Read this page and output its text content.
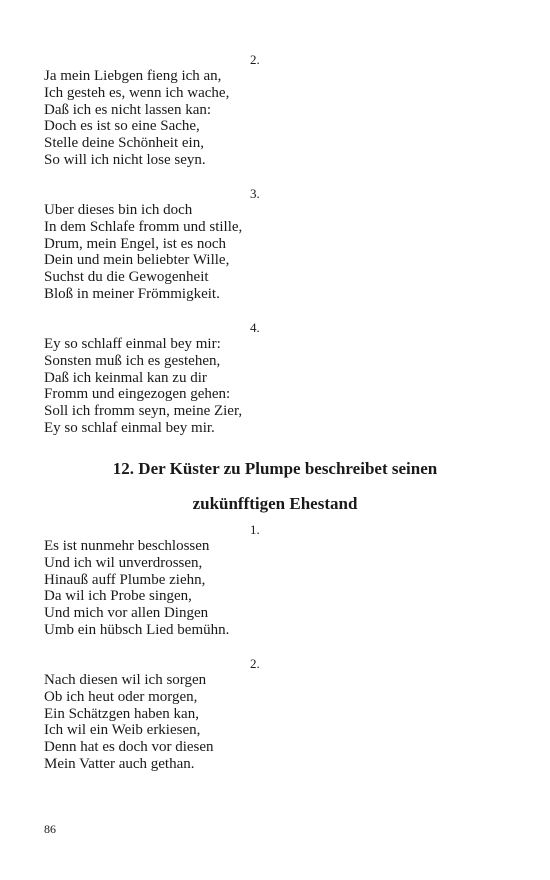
2.
Ja mein Liebgen fieng ich an,
Ich gesteh es, wenn ich wache,
Daß ich es nicht lassen kan:
Doch es ist so eine Sache,
Stelle deine Schönheit ein,
So will ich nicht lose seyn.
3.
Uber dieses bin ich doch
In dem Schlafe fromm und stille,
Drum, mein Engel, ist es noch
Dein und mein beliebter Wille,
Suchst du die Gewogenheit
Bloß in meiner Frömmigkeit.
4.
Ey so schlaff einmal bey mir:
Sonsten muß ich es gestehen,
Daß ich keinmal kan zu dir
Fromm und eingezogen gehen:
Soll ich fromm seyn, meine Zier,
Ey so schlaf einmal bey mir.
12. Der Küster zu Plumpe beschreibet seinen
zukünfftigen Ehestand
1.
Es ist nunmehr beschlossen
Und ich wil unverdrossen,
Hinauß auff Plumbe ziehn,
Da wil ich Probe singen,
Und mich vor allen Dingen
Umb ein hübsch Lied bemühn.
2.
Nach diesen wil ich sorgen
Ob ich heut oder morgen,
Ein Schätzgen haben kan,
Ich wil ein Weib erkiesen,
Denn hat es doch vor diesen
Mein Vatter auch gethan.
86
